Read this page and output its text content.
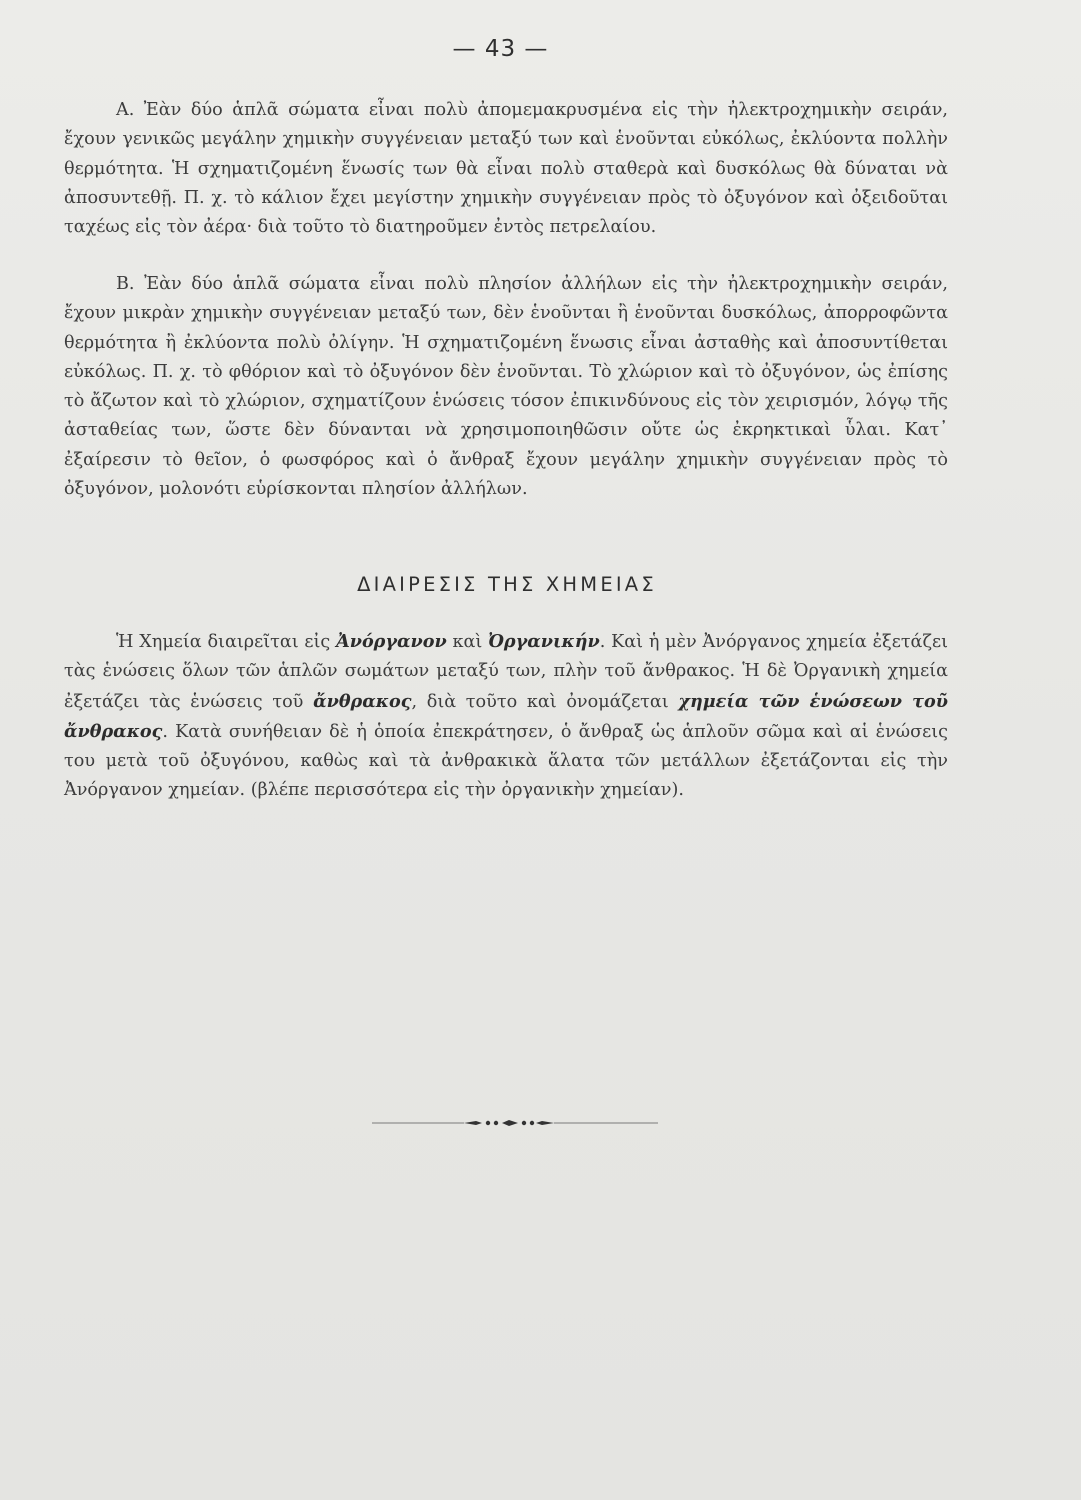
— 43 —

Α. Ἐὰν δύο ἁπλᾶ σώματα εἶναι πολὺ ἀπομεμακρυσμένα εἰς τὴν ἠλεκτροχημικὴν σειράν, ἔχουν γενικῶς μεγάλην χημικὴν συγγένειαν μεταξύ των καὶ ἑνοῦνται εὐκόλως, ἐκλύοντα πολλὴν θερμότητα. Ἡ σχηματιζομένη ἕνωσίς των θὰ εἶναι πολὺ σταθερὰ καὶ δυσκόλως θὰ δύναται νὰ ἀποσυντεθῇ. Π. χ. τὸ κάλιον ἔχει μεγίστην χημικὴν συγγένειαν πρὸς τὸ ὀξυγόνον καὶ ὀξειδοῦται ταχέως εἰς τὸν ἀέρα· διὰ τοῦτο τὸ διατηροῦμεν ἐντὸς πετρελαίου.

Β. Ἐὰν δύο ἁπλᾶ σώματα εἶναι πολὺ πλησίον ἀλλήλων εἰς τὴν ἠλεκτροχημικὴν σειράν, ἔχουν μικρὰν χημικὴν συγγένειαν μεταξύ των, δὲν ἑνοῦνται ἢ ἑνοῦνται δυσκόλως, ἀπορροφῶντα θερμότητα ἢ ἐκλύοντα πολὺ ὀλίγην. Ἡ σχηματιζομένη ἕνωσις εἶναι ἀσταθὴς καὶ ἀποσυντίθεται εὐκόλως. Π. χ. τὸ φθόριον καὶ τὸ ὀξυγόνον δὲν ἑνοῦνται. Τὸ χλώριον καὶ τὸ ὀξυγόνον, ὡς ἐπίσης τὸ ἄζωτον καὶ τὸ χλώριον, σχηματίζουν ἑνώσεις τόσον ἐπικινδύνους εἰς τὸν χειρισμόν, λόγῳ τῆς ἀσταθείας των, ὥστε δὲν δύνανται νὰ χρησιμοποιηθῶσιν οὔτε ὡς ἐκρηκτικαὶ ὗλαι. Κατ᾽ ἐξαίρεσιν τὸ θεῖον, ὁ φωσφόρος καὶ ὁ ἄνθραξ ἔχουν μεγάλην χημικὴν συγγένειαν πρὸς τὸ ὀξυγόνον, μολονότι εὑρίσκονται πλησίον ἀλλήλων.

ΔΙΑΙΡΕΣΙΣ ΤΗΣ ΧΗΜΕΙΑΣ

Ἡ Χημεία διαιρεῖται εἰς Ἀνόργανον καὶ Ὀργανικήν. Καὶ ἡ μὲν Ἀνόργανος χημεία ἐξετάζει τὰς ἑνώσεις ὅλων τῶν ἁπλῶν σωμάτων μεταξύ των, πλὴν τοῦ ἄνθρακος. Ἡ δὲ Ὀργανικὴ χημεία ἐξετάζει τὰς ἑνώσεις τοῦ ἄνθρακος, διὰ τοῦτο καὶ ὀνομάζεται χημεία τῶν ἑνώσεων τοῦ ἄνθρακος. Κατὰ συνήθειαν δὲ ἡ ὁποία ἐπεκράτησεν, ὁ ἄνθραξ ὡς ἁπλοῦν σῶμα καὶ αἱ ἑνώσεις του μετὰ τοῦ ὀξυγόνου, καθὼς καὶ τὰ ἀνθρακικὰ ἅλατα τῶν μετάλλων ἐξετάζονται εἰς τὴν Ἀνόργανον χημείαν. (βλέπε περισσότερα εἰς τὴν ὀργανικὴν χημείαν).
